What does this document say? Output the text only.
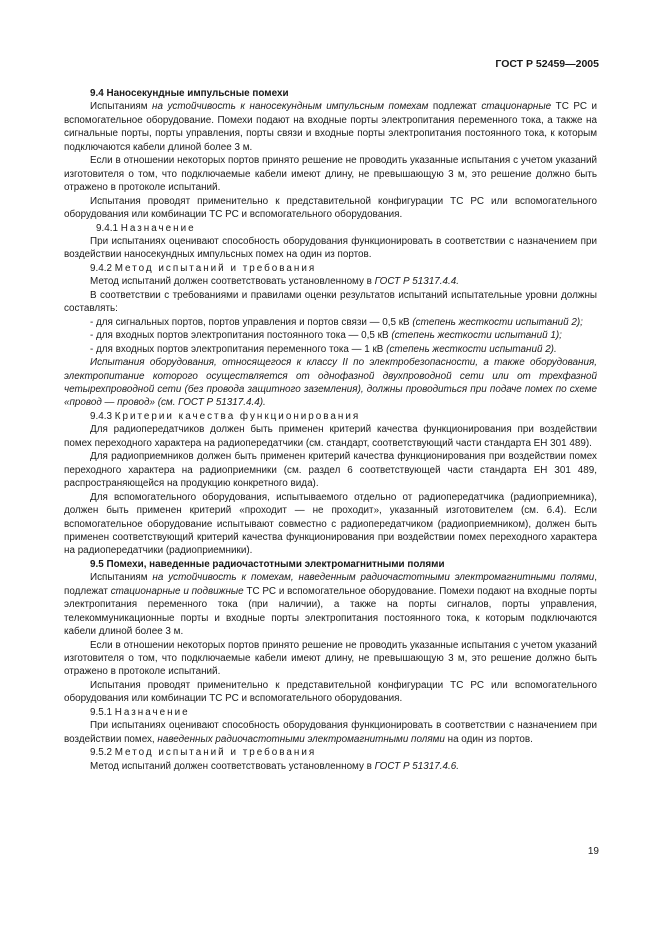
ГОСТ Р 52459—2005

9.4 Наносекундные импульсные помехи

Испытаниям на устойчивость к наносекундным импульсным помехам подлежат стационарные ТС РС и вспомогательное оборудование. Помехи подают на входные порты электропитания переменного тока, а также на сигнальные порты, порты управления, порты связи и входные порты электропитания постоянного тока, к которым подключаются кабели длиной более 3 м.

Если в отношении некоторых портов принято решение не проводить указанные испытания с учетом указаний изготовителя о том, что подключаемые кабели имеют длину, не превышающую 3 м, это решение должно быть отражено в протоколе испытаний.

Испытания проводят применительно к представительной конфигурации ТС РС или вспомогательного оборудования или комбинации ТС РС и вспомогательного оборудования.

9.4.1 Назначение

При испытаниях оценивают способность оборудования функционировать в соответствии с назначением при воздействии наносекундных импульсных помех на один из портов.

9.4.2 Метод испытаний и требования

Метод испытаний должен соответствовать установленному в ГОСТ Р 51317.4.4.

В соответствии с требованиями и правилами оценки результатов испытаний испытательные уровни должны составлять:

- для сигнальных портов, портов управления и портов связи — 0,5 кВ (степень жесткости испытаний 2);

- для входных портов электропитания постоянного тока — 0,5 кВ (степень жесткости испытаний 1);

- для входных портов электропитания переменного тока — 1 кВ (степень жесткости испытаний 2).

Испытания оборудования, относящегося к классу II по электробезопасности, а также оборудования, электропитание которого осуществляется от однофазной двухпроводной сети или от трехфазной четырехпроводной сети (без провода защитного заземления), должны проводиться при подаче помех по схеме «провод — провод» (см. ГОСТ Р 51317.4.4).

9.4.3 Критерии качества функционирования

Для радиопередатчиков должен быть применен критерий качества функционирования при воздействии помех переходного характера на радиопередатчики (см. стандарт, соответствующий части стандарта ЕН 301 489).

Для радиоприемников должен быть применен критерий качества функционирования при воздействии помех переходного характера на радиоприемники (см. раздел 6 соответствующей части стандарта ЕН 301 489, распространяющейся на продукцию конкретного вида).

Для вспомогательного оборудования, испытываемого отдельно от радиопередатчика (радиоприемника), должен быть применен критерий «проходит — не проходит», указанный изготовителем (см. 6.4). Если вспомогательное оборудование испытывают совместно с радиопередатчиком (радиоприемником), должен быть применен соответствующий критерий качества функционирования при воздействии помех переходного характера на радиопередатчики (радиоприемники).

9.5 Помехи, наведенные радиочастотными электромагнитными полями

Испытаниям на устойчивость к помехам, наведенным радиочастотными электромагнитными полями, подлежат стационарные и подвижные ТС РС и вспомогательное оборудование. Помехи подают на входные порты электропитания переменного тока (при наличии), а также на порты сигналов, порты управления, телекоммуникационные порты и входные порты электропитания постоянного тока, к которым подключаются кабели длиной более 3 м.

Если в отношении некоторых портов принято решение не проводить указанные испытания с учетом указаний изготовителя о том, что подключаемые кабели имеют длину, не превышающую 3 м, это решение должно быть отражено в протоколе испытаний.

Испытания проводят применительно к представительной конфигурации ТС РС или вспомогательного оборудования или комбинации ТС РС и вспомогательного оборудования.

9.5.1 Назначение

При испытаниях оценивают способность оборудования функционировать в соответствии с назначением при воздействии помех, наведенных радиочастотными электромагнитными полями на один из портов.

9.5.2 Метод испытаний и требования

Метод испытаний должен соответствовать установленному в ГОСТ Р 51317.4.6.

19
